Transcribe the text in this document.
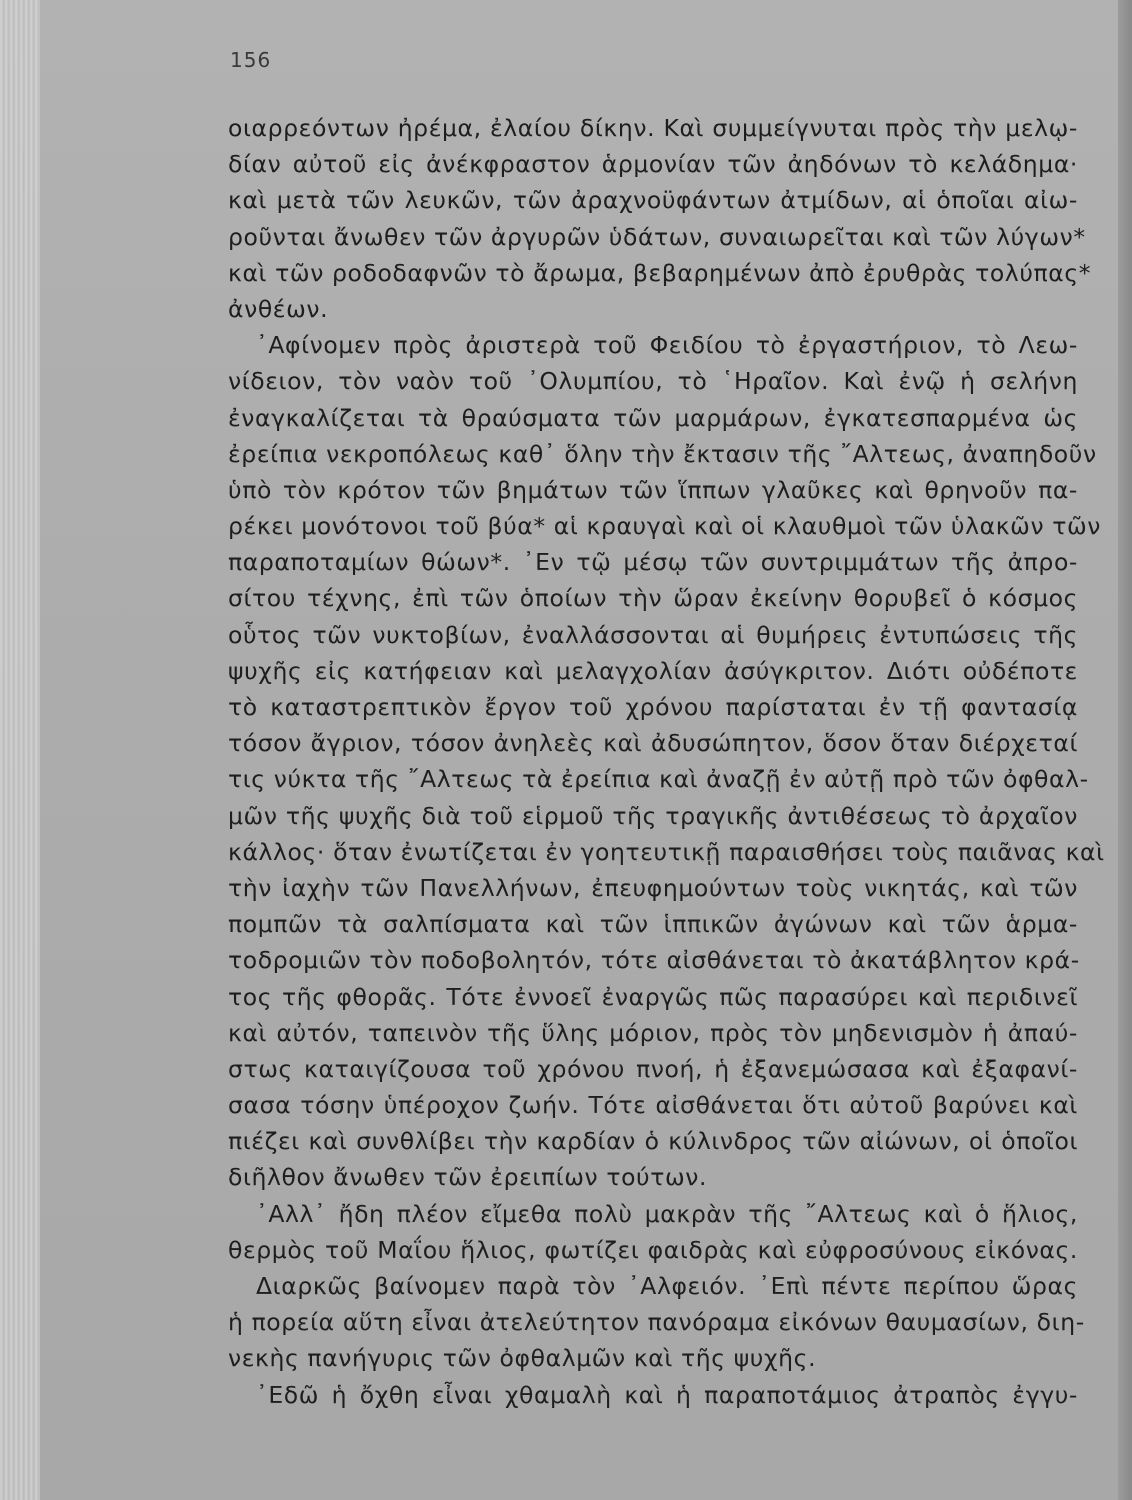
156
οιαρρεόντων ἠρέμα, ἐλαίου δίκην. Καὶ συμμείγνυται πρὸς τὴν μελῳ-
δίαν αὐτοῦ εἰς ἀνέκφραστον ἁρμονίαν τῶν ἀηδόνων τὸ κελάδημα·
καὶ μετὰ τῶν λευκῶν, τῶν ἀραχνοϋφάντων ἀτμίδων, αἱ ὁποῖαι αἰω-
ροῦνται ἄνωθεν τῶν ἀργυρῶν ὑδάτων, συναιωρεῖται καὶ τῶν λύγων*
καὶ τῶν ροδοδαφνῶν τὸ ἄρωμα, βεβαρημένων ἀπὸ ἐρυθρὰς τολύπας*
ἀνθέων.
᾿Αφίνομεν πρὸς ἀριστερὰ τοῦ Φειδίου τὸ ἐργαστήριον, τὸ Λεω-
νίδειον, τὸν ναὸν τοῦ ᾿Ολυμπίου, τὸ ῾Ηραῖον. Καὶ ἐνῷ ἡ σελήνη
ἐναγκαλίζεται τὰ θραύσματα τῶν μαρμάρων, ἐγκατεσπαρμένα ὡς
ἐρείπια νεκροπόλεως καθ᾿ ὅλην τὴν ἔκτασιν τῆς ῎Αλτεως, ἀναπηδοῦν
ὑπὸ τὸν κρότον τῶν βημάτων τῶν ἵππων γλαῦκες καὶ θρηνοῦν πα-
ρέκει μονότονοι τοῦ βύα* αἱ κραυγαὶ καὶ οἱ κλαυθμοὶ τῶν ὑλακῶν τῶν
παραποταμίων θώων*. ᾿Εν τῷ μέσῳ τῶν συντριμμάτων τῆς ἀπρο-
σίτου τέχνης, ἐπὶ τῶν ὁποίων τὴν ὥραν ἐκείνην θορυβεῖ ὁ κόσμος
οὗτος τῶν νυκτοβίων, ἐναλλάσσονται αἱ θυμήρεις ἐντυπώσεις τῆς
ψυχῆς εἰς κατήφειαν καὶ μελαγχολίαν ἀσύγκριτον. Διότι οὐδέποτε
τὸ καταστρεπτικὸν ἔργον τοῦ χρόνου παρίσταται ἐν τῇ φαντασίᾳ
τόσον ἄγριον, τόσον ἀνηλεὲς καὶ ἀδυσώπητον, ὅσον ὅταν διέρχεταί
τις νύκτα τῆς ῎Αλτεως τὰ ἐρείπια καὶ ἀναζῇ ἐν αὐτῇ πρὸ τῶν ὀφθαλ-
μῶν τῆς ψυχῆς διὰ τοῦ εἱρμοῦ τῆς τραγικῆς ἀντιθέσεως τὸ ἀρχαῖον
κάλλος· ὅταν ἐνωτίζεται ἐν γοητευτικῇ παραισθήσει τοὺς παιᾶνας καὶ
τὴν ἰαχὴν τῶν Πανελλήνων, ἐπευφημούντων τοὺς νικητάς, καὶ τῶν
πομπῶν τὰ σαλπίσματα καὶ τῶν ἱππικῶν ἀγώνων καὶ τῶν ἁρμα-
τοδρομιῶν τὸν ποδοβολητόν, τότε αἰσθάνεται τὸ ἀκατάβλητον κρά-
τος τῆς φθορᾶς. Τότε ἐννοεῖ ἐναργῶς πῶς παρασύρει καὶ περιδινεῖ
καὶ αὐτόν, ταπεινὸν τῆς ὕλης μόριον, πρὸς τὸν μηδενισμὸν ἡ ἀπαύ-
στως καταιγίζουσα τοῦ χρόνου πνοή, ἡ ἐξανεμώσασα καὶ ἐξαφανί-
σασα τόσην ὑπέροχον ζωήν. Τότε αἰσθάνεται ὅτι αὐτοῦ βαρύνει καὶ
πιέζει καὶ συνθλίβει τὴν καρδίαν ὁ κύλινδρος τῶν αἰώνων, οἱ ὁποῖοι
διῆλθον ἄνωθεν τῶν ἐρειπίων τούτων.
᾿Αλλ᾿ ἤδη πλέον εἴμεθα πολὺ μακρὰν τῆς ῎Αλτεως καὶ ὁ ἥλιος,
θερμὸς τοῦ Μαΐου ἥλιος, φωτίζει φαιδρὰς καὶ εὐφροσύνους εἰκόνας.
Διαρκῶς βαίνομεν παρὰ τὸν ᾿Αλφειόν. ᾿Επὶ πέντε περίπου ὥρας
ἡ πορεία αὕτη εἶναι ἀτελεύτητον πανόραμα εἰκόνων θαυμασίων, διη-
νεκὴς πανήγυρις τῶν ὀφθαλμῶν καὶ τῆς ψυχῆς.
᾿Εδῶ ἡ ὄχθη εἶναι χθαμαλὴ καὶ ἡ παραποτάμιος ἀτραπὸς ἐγγυ-
